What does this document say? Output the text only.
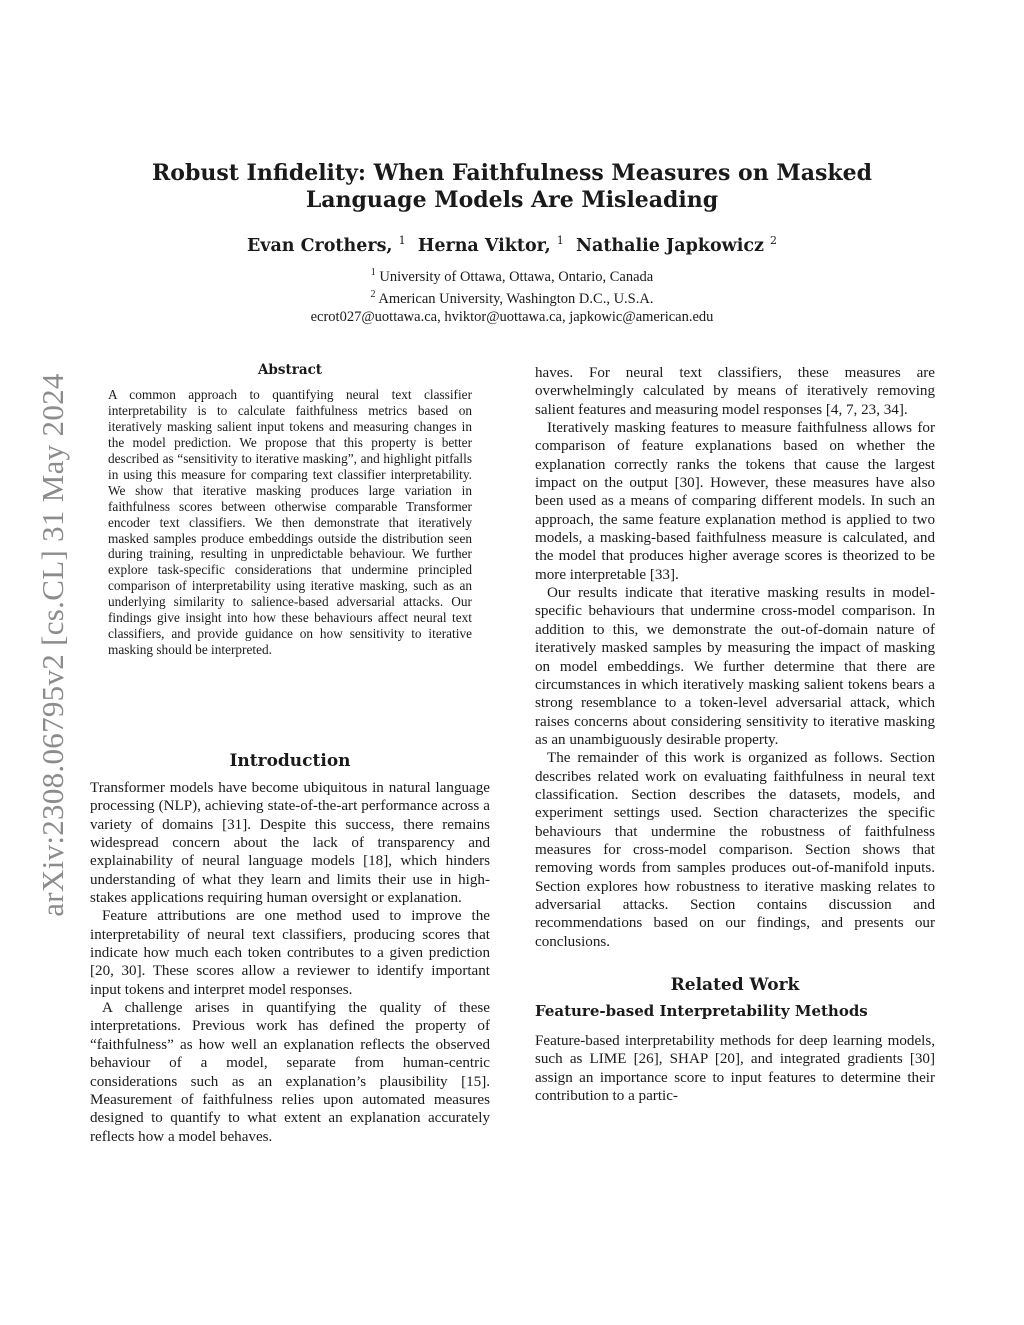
Robust Infidelity: When Faithfulness Measures on Masked Language Models Are Misleading
Evan Crothers, $^1$ Herna Viktor, $^1$ Nathalie Japkowicz $^2$
$^1$ University of Ottawa, Ottawa, Ontario, Canada
$^2$ American University, Washington D.C., U.S.A.
ecrot027@uottawa.ca, hviktor@uottawa.ca, japkowic@american.edu
arXiv:2308.06795v2 [cs.CL] 31 May 2024
Abstract

A common approach to quantifying neural text classifier interpretability is to calculate faithfulness metrics based on iteratively masking salient input tokens and measuring changes in the model prediction. We propose that this property is better described as “sensitivity to iterative masking”, and highlight pitfalls in using this measure for comparing text classifier interpretability. We show that iterative masking produces large variation in faithfulness scores between otherwise comparable Transformer encoder text classifiers. We then demonstrate that iteratively masked samples produce embeddings outside the distribution seen during training, resulting in unpredictable behaviour. We further explore task-specific considerations that undermine principled comparison of interpretability using iterative masking, such as an underlying similarity to salience-based adversarial attacks. Our findings give insight into how these behaviours affect neural text classifiers, and provide guidance on how sensitivity to iterative masking should be interpreted.

Introduction

Transformer models have become ubiquitous in natural language processing (NLP), achieving state-of-the-art performance across a variety of domains [31]. Despite this success, there remains widespread concern about the lack of transparency and explainability of neural language models [18], which hinders understanding of what they learn and limits their use in high-stakes applications requiring human oversight or explanation.

Feature attributions are one method used to improve the interpretability of neural text classifiers, producing scores that indicate how much each token contributes to a given prediction [20, 30]. These scores allow a reviewer to identify important input tokens and interpret model responses.

A challenge arises in quantifying the quality of these interpretations. Previous work has defined the property of “faithfulness” as how well an explanation reflects the observed behaviour of a model, separate from human-centric considerations such as an explanation’s plausibility [15]. Measurement of faithfulness relies upon automated measures designed to quantify to what extent an explanation accurately reflects how a model behaves.

haves. For neural text classifiers, these measures are overwhelmingly calculated by means of iteratively removing salient features and measuring model responses [4, 7, 23, 34].

Iteratively masking features to measure faithfulness allows for comparison of feature explanations based on whether the explanation correctly ranks the tokens that cause the largest impact on the output [30]. However, these measures have also been used as a means of comparing different models. In such an approach, the same feature explanation method is applied to two models, a masking-based faithfulness measure is calculated, and the model that produces higher average scores is theorized to be more interpretable [33].

Our results indicate that iterative masking results in model-specific behaviours that undermine cross-model comparison. In addition to this, we demonstrate the out-of-domain nature of iteratively masked samples by measuring the impact of masking on model embeddings. We further determine that there are circumstances in which iteratively masking salient tokens bears a strong resemblance to a token-level adversarial attack, which raises concerns about considering sensitivity to iterative masking as an unambiguously desirable property.

The remainder of this work is organized as follows. Section describes related work on evaluating faithfulness in neural text classification. Section describes the datasets, models, and experiment settings used. Section characterizes the specific behaviours that undermine the robustness of faithfulness measures for cross-model comparison. Section shows that removing words from samples produces out-of-manifold inputs. Section explores how robustness to iterative masking relates to adversarial attacks. Section contains discussion and recommendations based on our findings, and presents our conclusions.

Related Work
Feature-based Interpretability Methods

Feature-based interpretability methods for deep learning models, such as LIME [26], SHAP [20], and integrated gradients [30] assign an importance score to input features to determine their contribution to a partic-
